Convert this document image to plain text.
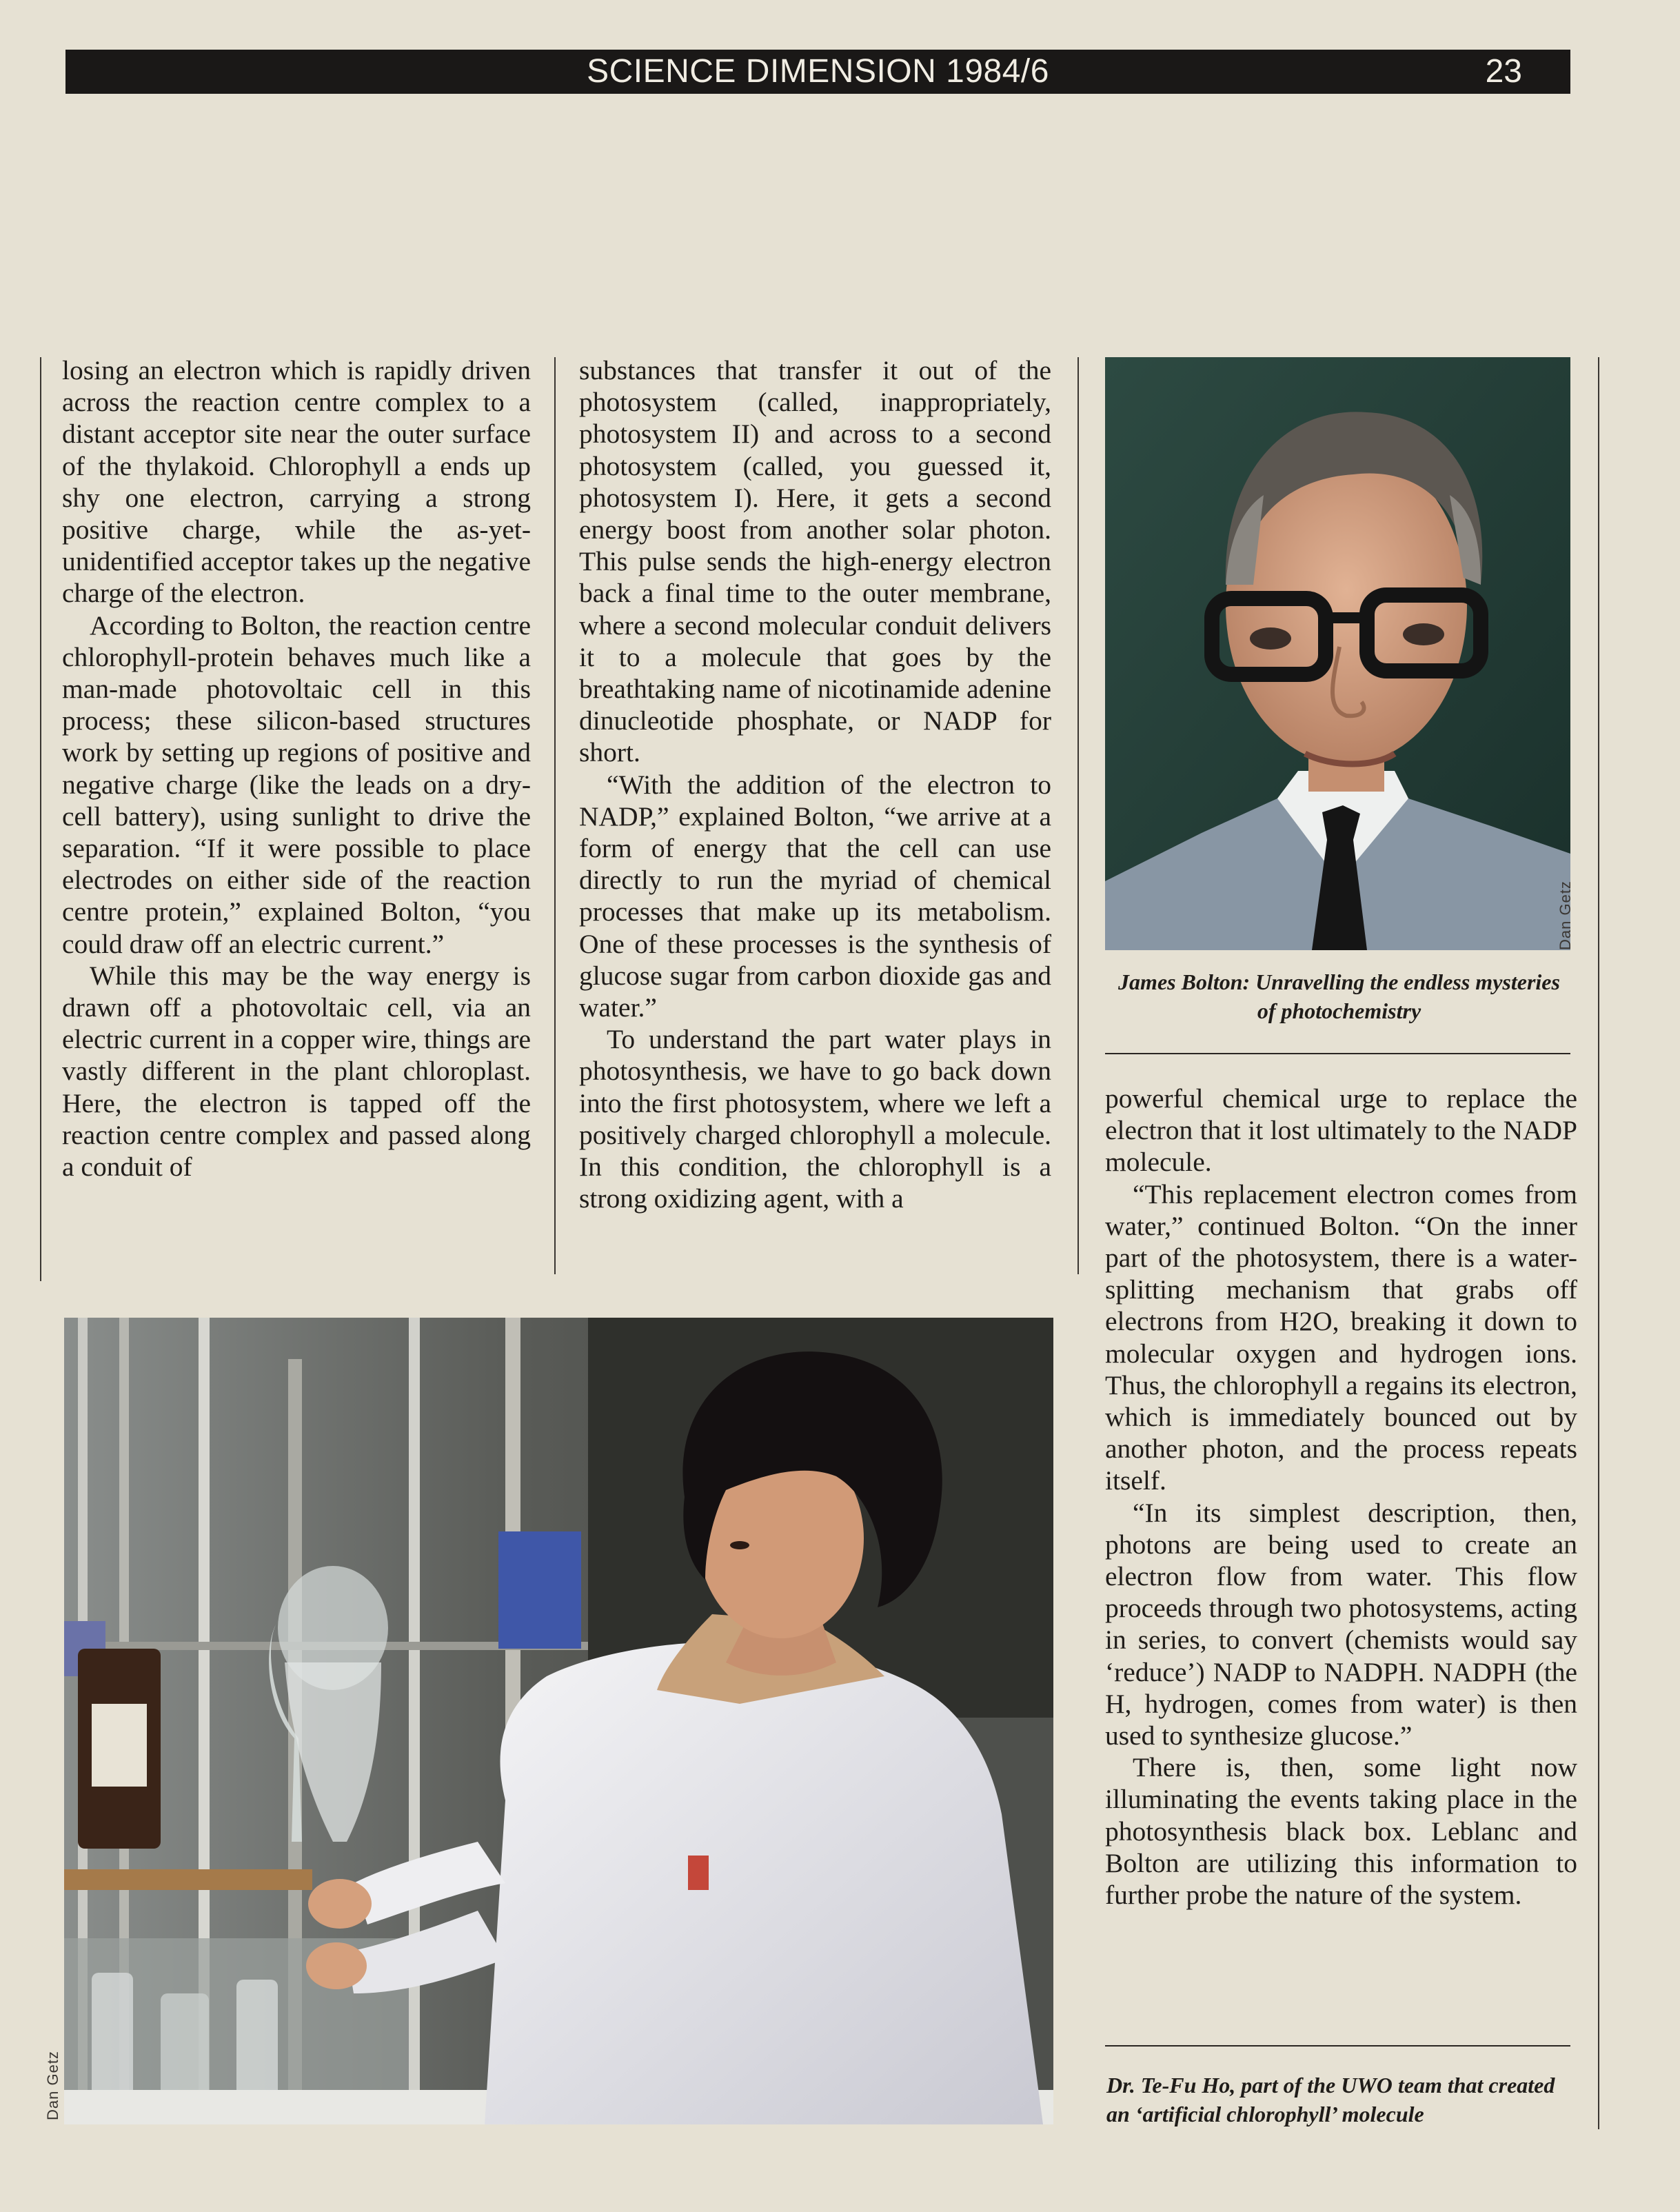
SCIENCE DIMENSION 1984/6	23

losing an electron which is rapidly driven across the reaction centre complex to a distant acceptor site near the outer surface of the thylakoid. Chlorophyll a ends up shy one electron, carrying a strong positive charge, while the as-yet-unidentified acceptor takes up the negative charge of the electron.

According to Bolton, the reaction centre chlorophyll-protein behaves much like a man-made photovoltaic cell in this process; these silicon-based structures work by setting up regions of positive and negative charge (like the leads on a dry-cell battery), using sunlight to drive the separation. “If it were possible to place electrodes on either side of the reaction centre protein,” explained Bolton, “you could draw off an electric current.”

While this may be the way energy is drawn off a photovoltaic cell, via an electric current in a copper wire, things are vastly different in the plant chloroplast. Here, the electron is tapped off the reaction centre complex and passed along a conduit of

substances that transfer it out of the photosystem (called, inappropriately, photosystem II) and across to a second photosystem (called, you guessed it, photosystem I). Here, it gets a second energy boost from another solar photon. This pulse sends the high-energy electron back a final time to the outer membrane, where a second molecular conduit delivers it to a molecule that goes by the breathtaking name of nicotinamide adenine dinucleotide phosphate, or NADP for short.

“With the addition of the electron to NADP,” explained Bolton, “we arrive at a form of energy that the cell can use directly to run the myriad of chemical processes that make up its metabolism. One of these processes is the synthesis of glucose sugar from carbon dioxide gas and water.”

To understand the part water plays in photosynthesis, we have to go back down into the first photosystem, where we left a positively charged chlorophyll a molecule. In this condition, the chlorophyll is a strong oxidizing agent, with a

Dan Getz
James Bolton: Unravelling the endless mysteries of photochemistry

powerful chemical urge to replace the electron that it lost ultimately to the NADP molecule.

“This replacement electron comes from water,” continued Bolton. “On the inner part of the photosystem, there is a water-splitting mechanism that grabs off electrons from H2O, breaking it down to molecular oxygen and hydrogen ions. Thus, the chlorophyll a regains its electron, which is immediately bounced out by another photon, and the process repeats itself.

“In its simplest description, then, photons are being used to create an electron flow from water. This flow proceeds through two photosystems, acting in series, to convert (chemists would say ‘reduce’) NADP to NADPH. NADPH (the H, hydrogen, comes from water) is then used to synthesize glucose.”

There is, then, some light now illuminating the events taking place in the photosynthesis black box. Leblanc and Bolton are utilizing this information to further probe the nature of the system.

Dr. Te-Fu Ho, part of the UWO team that created an ‘artificial chlorophyll’ molecule
Dan Getz
